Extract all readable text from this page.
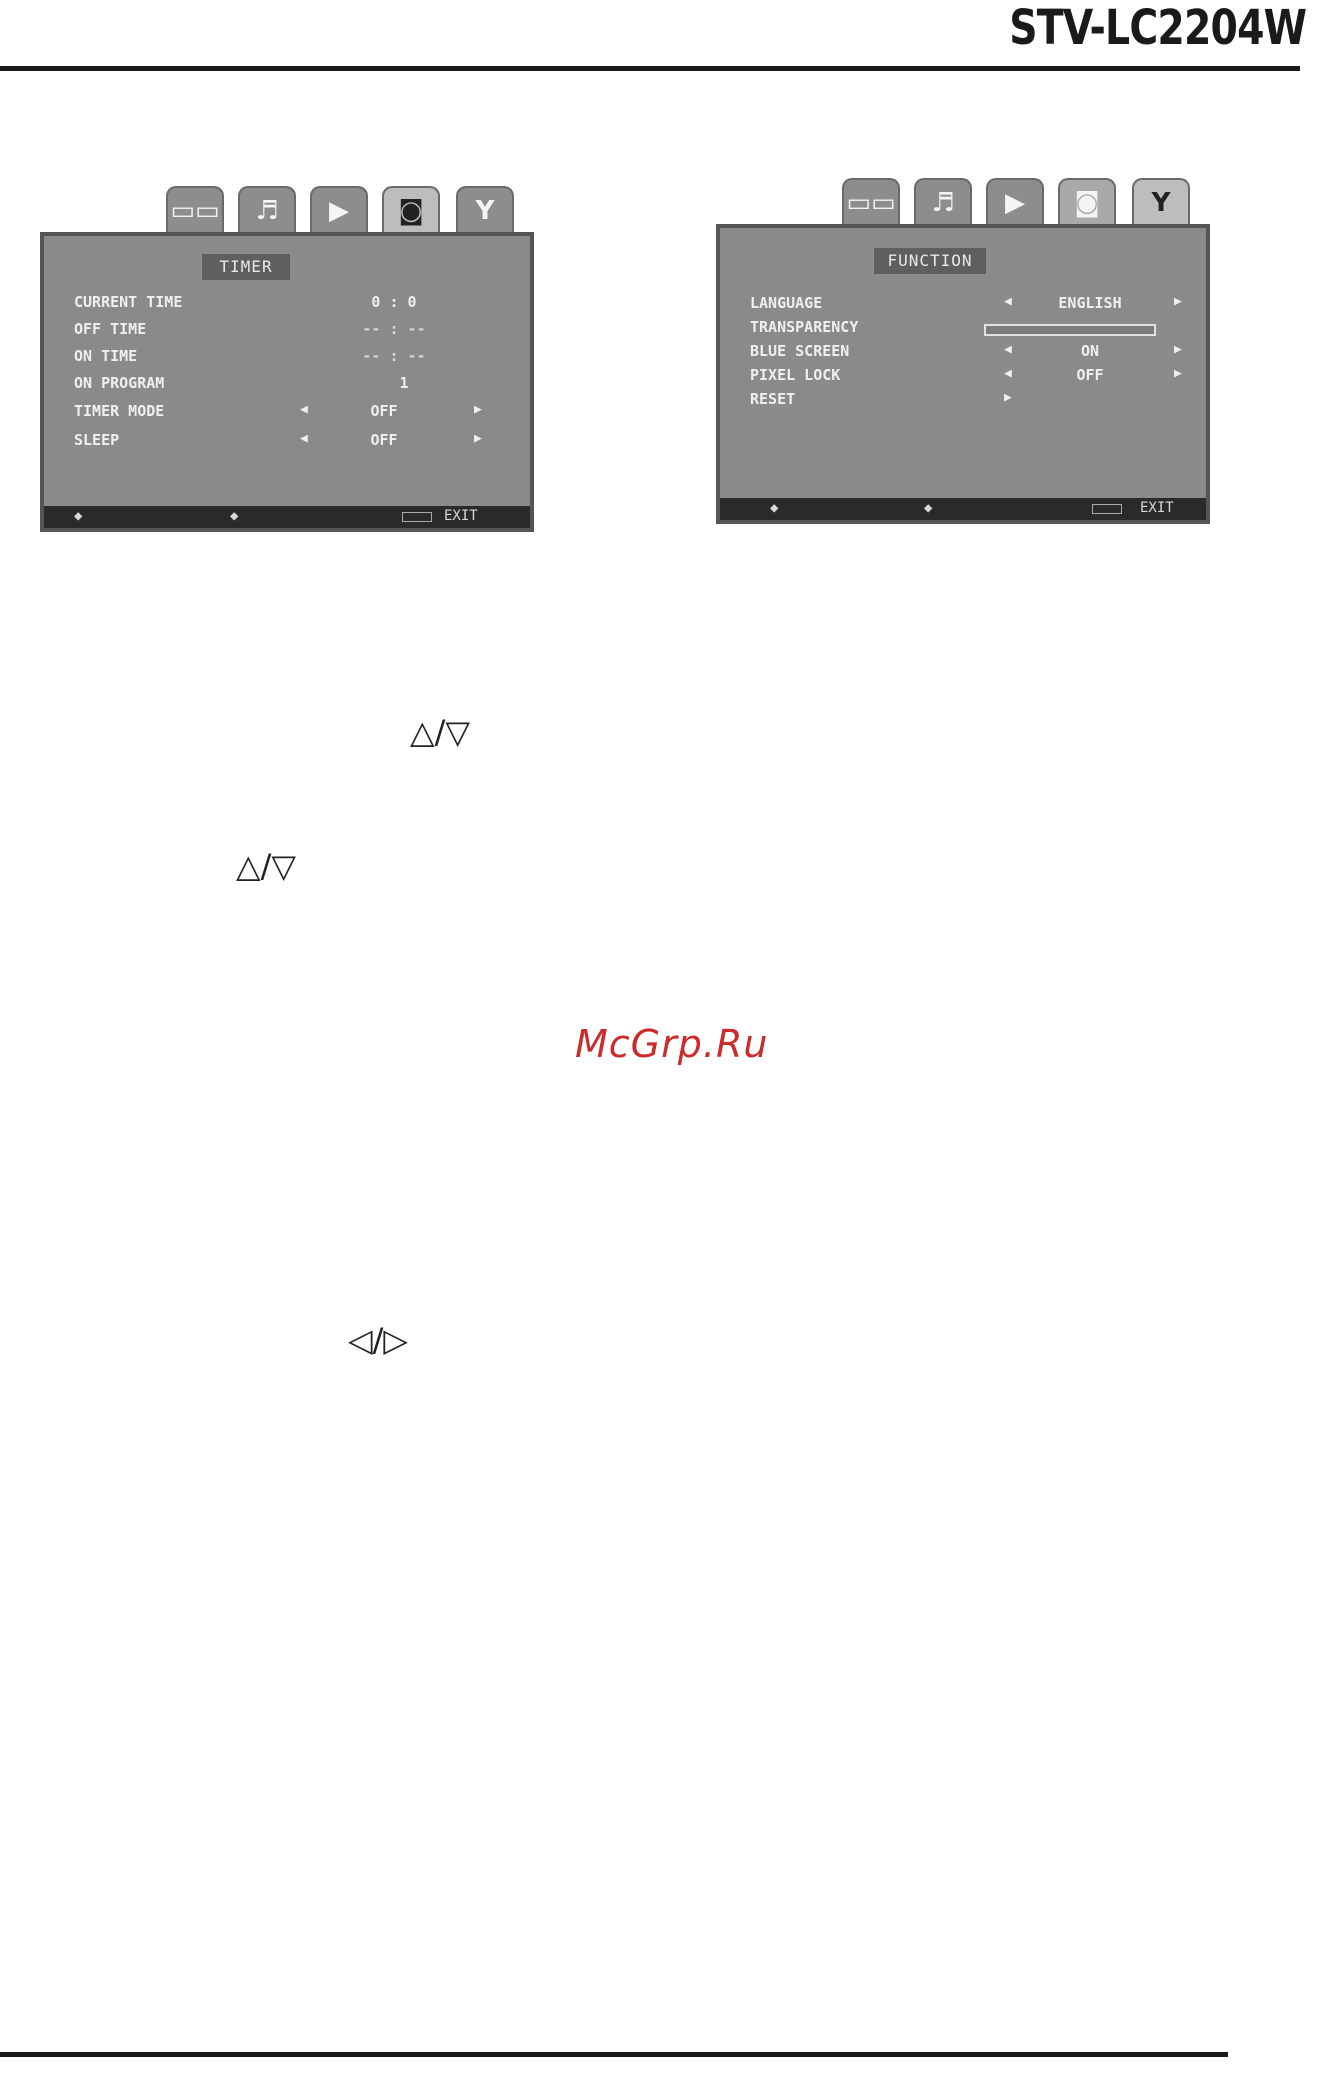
STV-LC2204W
▭▭ ♬ ▶ ◙ Y
TIMER
CURRENT TIME	0 : 0
OFF TIME	-- : --
ON TIME	-- : --
ON PROGRAM	1
TIMER MODE	◀	OFF	▶
SLEEP	◀	OFF	▶
◆	◆	EXIT
▭▭ ♬ ▶ ◙ Y
FUNCTION
LANGUAGE	◀	ENGLISH	▶
TRANSPARENCY
BLUE SCREEN	◀	ON	▶
PIXEL LOCK	◀	OFF	▶
RESET	▶
◆	◆	EXIT
△/▽
△/▽
◁/▷
McGrp.Ru
